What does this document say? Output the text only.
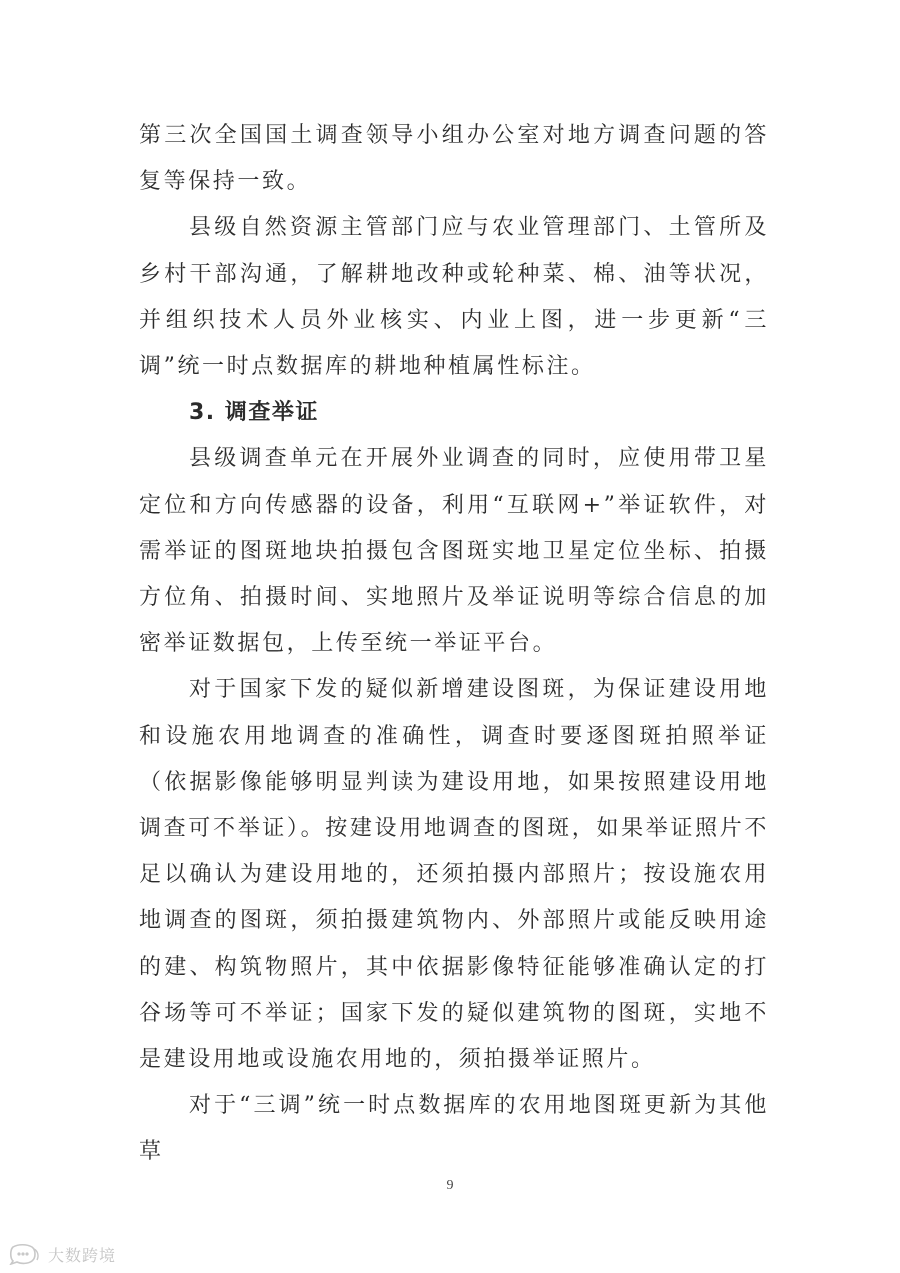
第三次全国国土调查领导小组办公室对地方调查问题的答复等保持一致。

县级自然资源主管部门应与农业管理部门、土管所及乡村干部沟通，了解耕地改种或轮种菜、棉、油等状况，并组织技术人员外业核实、内业上图，进一步更新“三调”统一时点数据库的耕地种植属性标注。

3. 调查举证

县级调查单元在开展外业调查的同时，应使用带卫星定位和方向传感器的设备，利用“互联网+”举证软件，对需举证的图斑地块拍摄包含图斑实地卫星定位坐标、拍摄方位角、拍摄时间、实地照片及举证说明等综合信息的加密举证数据包，上传至统一举证平台。

对于国家下发的疑似新增建设图斑，为保证建设用地和设施农用地调查的准确性，调查时要逐图斑拍照举证（依据影像能够明显判读为建设用地，如果按照建设用地调查可不举证）。按建设用地调查的图斑，如果举证照片不足以确认为建设用地的，还须拍摄内部照片；按设施农用地调查的图斑，须拍摄建筑物内、外部照片或能反映用途的建、构筑物照片，其中依据影像特征能够准确认定的打谷场等可不举证；国家下发的疑似建筑物的图斑，实地不是建设用地或设施农用地的，须拍摄举证照片。

对于“三调”统一时点数据库的农用地图斑更新为其他草

9
大数跨境
